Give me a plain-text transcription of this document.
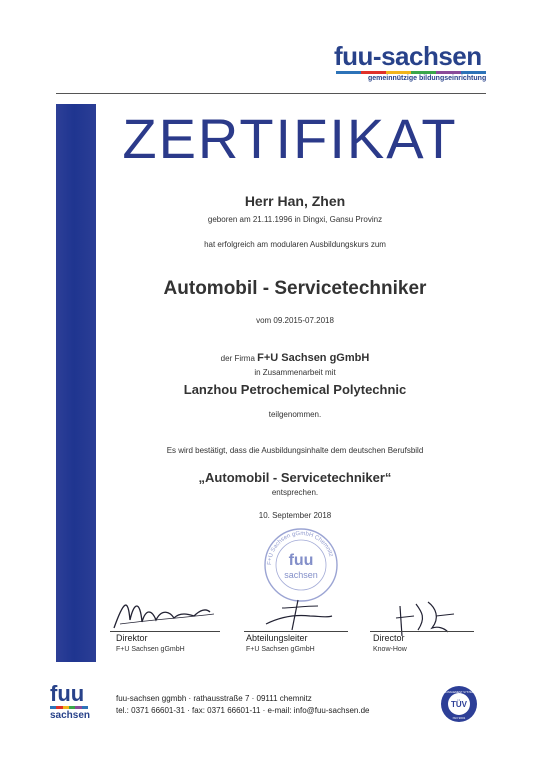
fuu-sachsen
gemeinnützige bildungseinrichtung
ZERTIFIKAT
Herr Han, Zhen
geboren am 21.11.1996 in Dingxi, Gansu Provinz
hat erfolgreich am modularen Ausbildungskurs zum
Automobil - Servicetechniker
vom 09.2015-07.2018
der Firma F+U Sachsen gGmbH
in Zusammenarbeit mit
Lanzhou Petrochemical Polytechnic
teilgenommen.
Es wird bestätigt, dass die Ausbildungsinhalte dem deutschen Berufsbild
„Automobil - Servicetechniker“
entsprechen.
10. September 2018
F+U Sachsen gGmbH Chemnitz
fuu
sachsen
Direktor
F+U Sachsen gGmbH
Abteilungsleiter
F+U Sachsen gGmbH
Director
Know-How
fuu
sachsen
fuu-sachsen ggmbh · rathausstraße 7 · 09111 chemnitz
tel.: 0371 66601-31 · fax: 0371 66601-11 · e-mail: info@fuu-sachsen.de
MANAGEMENT SYSTEM
TÜV
ISO 9001
